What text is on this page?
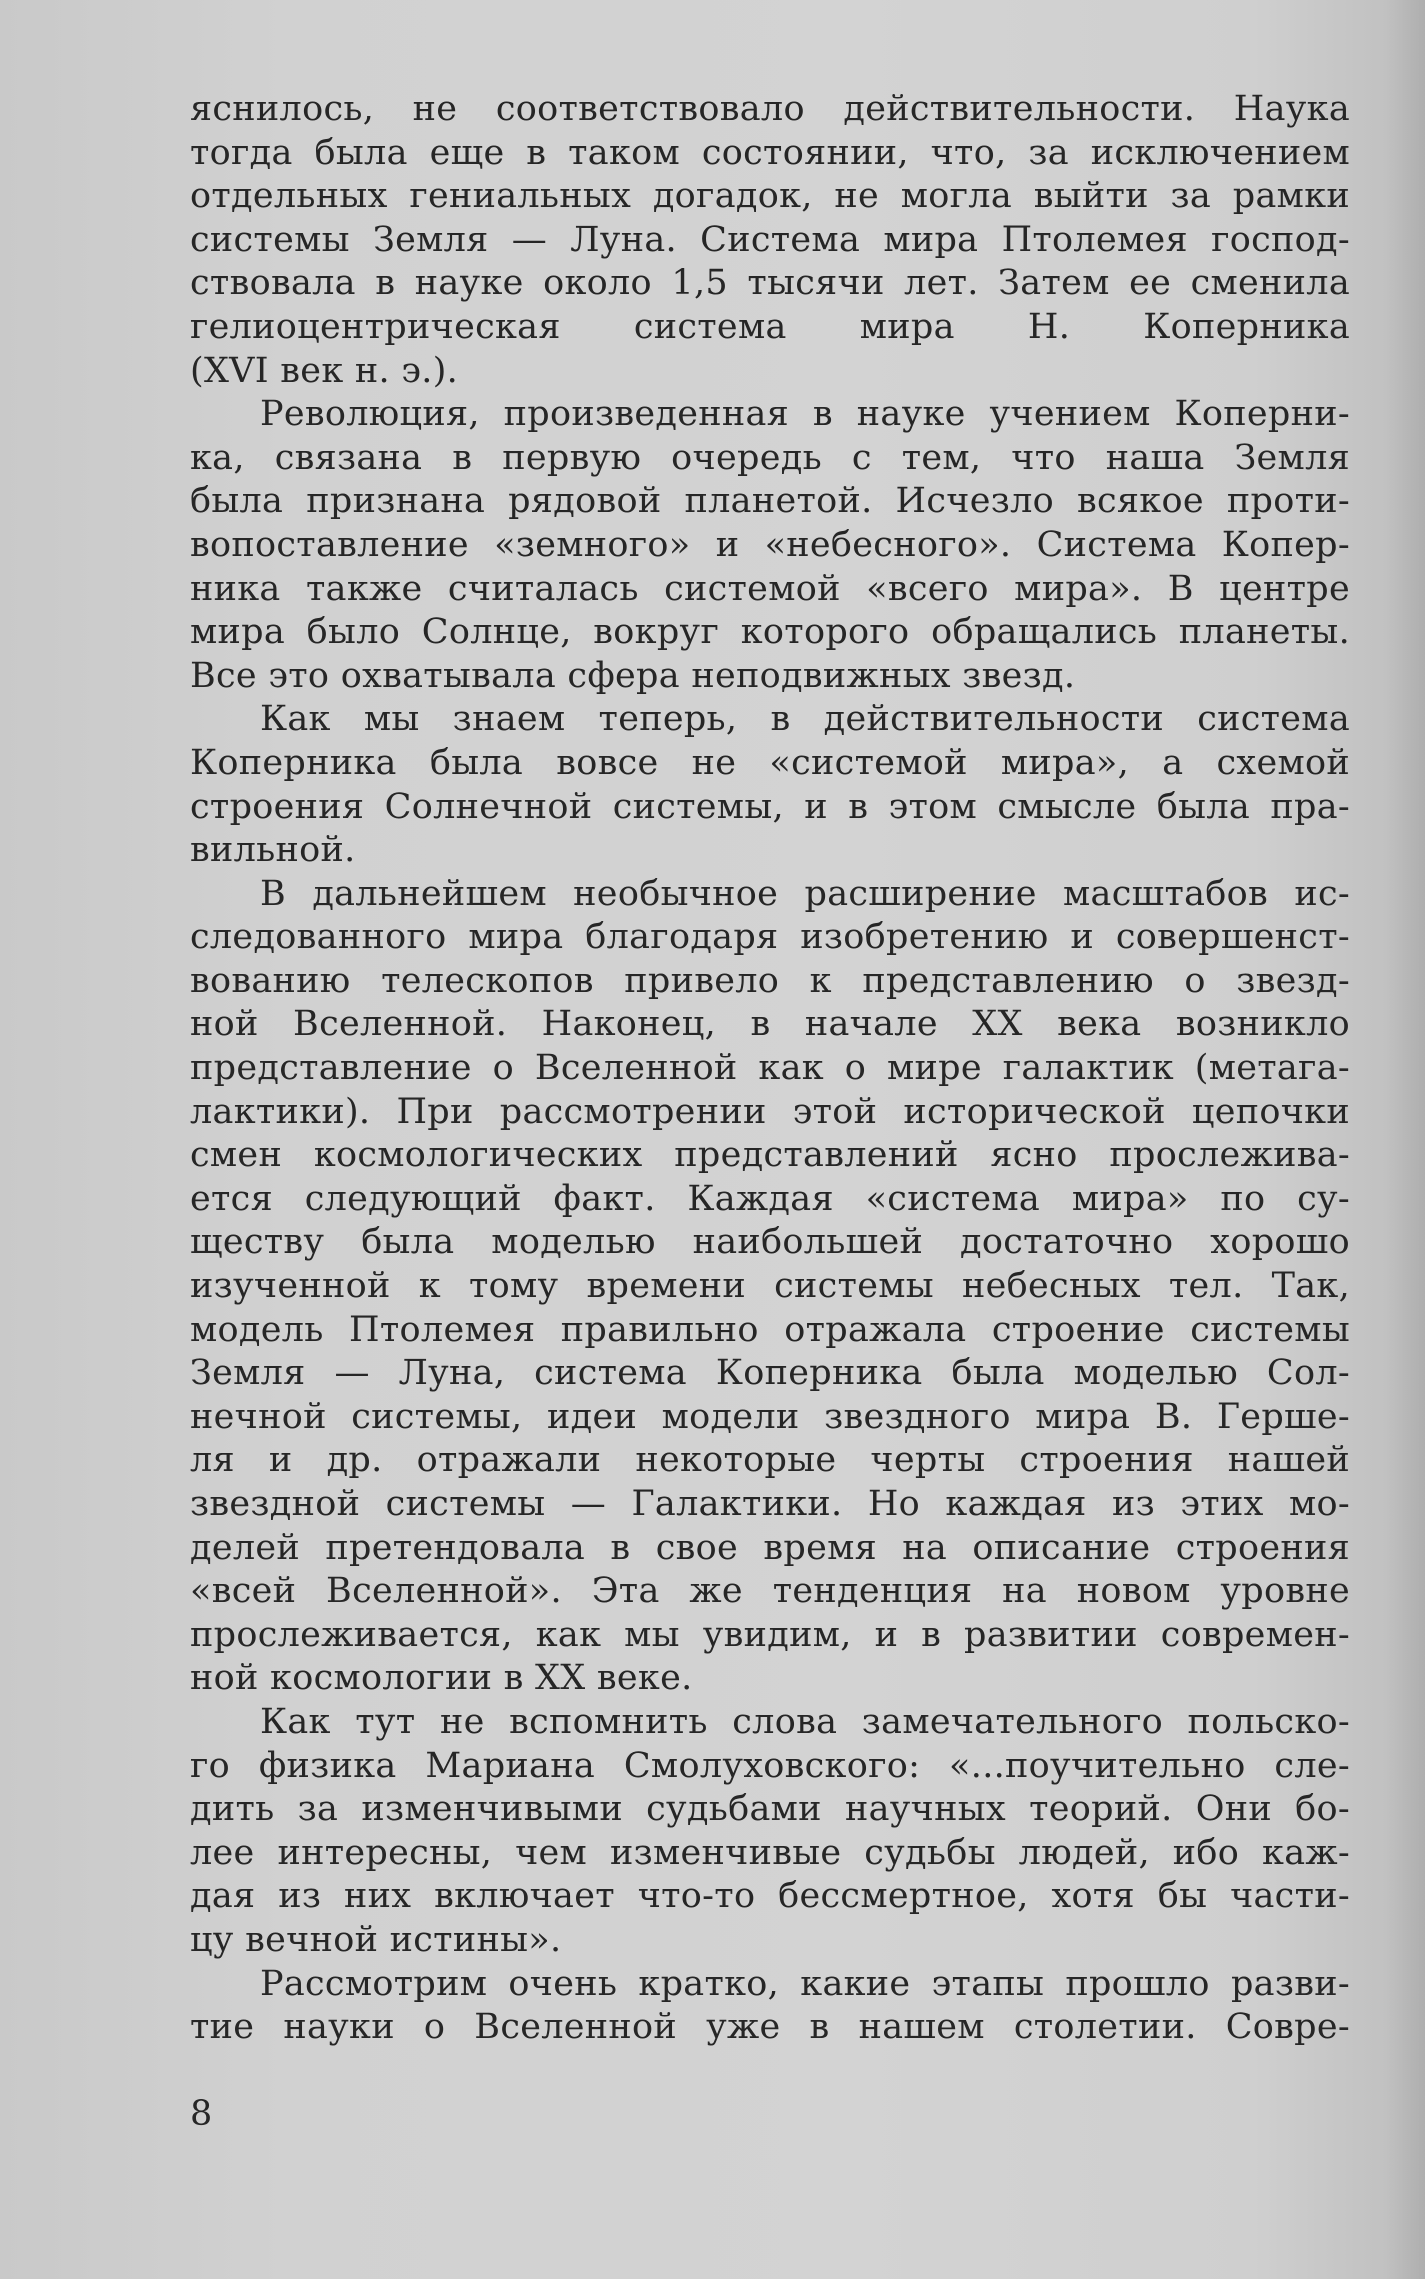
яснилось, не соответствовало действительности. Наука
тогда была еще в таком состоянии, что, за исключением
отдельных гениальных догадок, не могла выйти за рамки
системы Земля — Луна. Система мира Птолемея господ-
ствовала в науке около 1,5 тысячи лет. Затем ее сменила
гелиоцентрическая система мира Н. Коперника
(XVI век н. э.).
Революция, произведенная в науке учением Коперни-
ка, связана в первую очередь с тем, что наша Земля
была признана рядовой планетой. Исчезло всякое проти-
вопоставление «земного» и «небесного». Система Копер-
ника также считалась системой «всего мира». В центре
мира было Солнце, вокруг которого обращались планеты.
Все это охватывала сфера неподвижных звезд.
Как мы знаем теперь, в действительности система
Коперника была вовсе не «системой мира», а схемой
строения Солнечной системы, и в этом смысле была пра-
вильной.
В дальнейшем необычное расширение масштабов ис-
следованного мира благодаря изобретению и совершенст-
вованию телескопов привело к представлению о звезд-
ной Вселенной. Наконец, в начале XX века возникло
представление о Вселенной как о мире галактик (метага-
лактики). При рассмотрении этой исторической цепочки
смен космологических представлений ясно прослежива-
ется следующий факт. Каждая «система мира» по су-
ществу была моделью наибольшей достаточно хорошо
изученной к тому времени системы небесных тел. Так,
модель Птолемея правильно отражала строение системы
Земля — Луна, система Коперника была моделью Сол-
нечной системы, идеи модели звездного мира В. Герше-
ля и др. отражали некоторые черты строения нашей
звездной системы — Галактики. Но каждая из этих мо-
делей претендовала в свое время на описание строения
«всей Вселенной». Эта же тенденция на новом уровне
прослеживается, как мы увидим, и в развитии современ-
ной космологии в XX веке.
Как тут не вспомнить слова замечательного польско-
го физика Мариана Смолуховского: «...поучительно сле-
дить за изменчивыми судьбами научных теорий. Они бо-
лее интересны, чем изменчивые судьбы людей, ибо каж-
дая из них включает что-то бессмертное, хотя бы части-
цу вечной истины».
Рассмотрим очень кратко, какие этапы прошло разви-
тие науки о Вселенной уже в нашем столетии. Совре-
8
